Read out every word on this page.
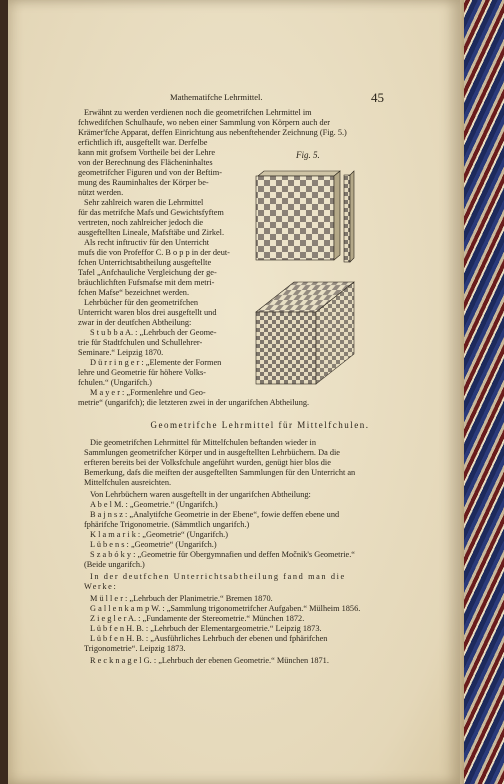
Mathematifche Lehrmittel.	45

Erwähnt zu werden verdienen noch die geometrifchen Lehrmittel im

fchwedifchen Schulhaufe, wo neben einer Sammlung von Körpern auch der

Krämer'fche Apparat, deffen Einrichtung aus nebenftehender Zeichnung (Fig. 5.)

erfichtlich ift, ausgeftellt war. Derfelbe

Fig. 5.

kann mit grofsem Vortheile bei der Lehre

von der Berechnung des Flächeninhaltes

geometrifcher Figuren und von der Beftim-

mung des Rauminhaltes der Körper be-

nützt werden.

Sehr zahlreich waren die Lehrmittel

für das metrifche Mafs und Gewichtsfyftem

vertreten, noch zahlreicher jedoch die

ausgeftellten Lineale, Mafsftäbe und Zirkel.

Als recht inftructiv für den Unterricht

mufs die von Profeffor C. B o p p in der deut-

fchen Unterrichtsabtheilung ausgeftellte

Tafel „Anfchauliche Vergleichung der ge-

bräuchlichften Fufsmafse mit dem metri-

fchen Mafse“ bezeichnet werden.

Lehrbücher für den geometrifchen

Unterricht waren blos drei ausgeftellt und

zwar in der deutfchen Abtheilung:

S t u b b a A. : „Lehrbuch der Geome-

trie für Stadtfchulen und Schullehrer-

Seminare.“ Leipzig 1870.

D ü r r i n g e r : „Elemente der Formen

lehre und Geometrie für höhere Volks-

fchulen.“ (Ungarifch.)

M a y e r : „Formenlehre und Geo-

metrie“ (ungarifch); die letzteren zwei in der ungarifchen Abtheilung.

Geometrifche Lehrmittel für Mittelfchulen.

Die geometrifchen Lehrmittel für Mittelfchulen beftanden wieder in

Sammlungen geometrifcher Körper und in ausgeftellten Lehrbüchern. Da die

erfteren bereits bei der Volksfchule angeführt wurden, genügt hier blos die

Bemerkung, dafs die meiften der ausgeftellten Sammlungen für den Unterricht an

Mittelfchulen ausreichten.

Von Lehrbüchern waren ausgeftellt in der ungarifchen Abtheilung:

A b e l M. : „Geometrie.“ (Ungarifch.)

B a j n s z : „Analytifche Geometrie in der Ebene“, fowie deffen ebene und

fphärifche Trigonometrie. (Sämmtlich ungarifch.)

K l a m a r i k : „Geometrie“ (Ungarifch.)

L ü b e n s : „Geometrie“ (Ungarifch.)

S z a b ó k y : „Geometrie für Obergymnafien und deffen Močnik's Geometrie.“

(Beide ungarifch.)

In der deutfchen Unterrichtsabtheilung fand man die

Werke:

M ü l l e r : „Lehrbuch der Planimetrie.“ Bremen 1870.

G a l l e n k a m p W. : „Sammlung trigonometrifcher Aufgaben.“ Mülheim 1856.

Z i e g l e r A. : „Fundamente der Stereometrie.“ München 1872.

L ü b f e n H. B. : „Lehrbuch der Elementargeometrie.“ Leipzig 1873.

L ü b f e n H. B. : „Ausführliches Lehrbuch der ebenen und fphärifchen

Trigonometrie“. Leipzig 1873.

R e c k n a g e l G. : „Lehrbuch der ebenen Geometrie.“ München 1871.
